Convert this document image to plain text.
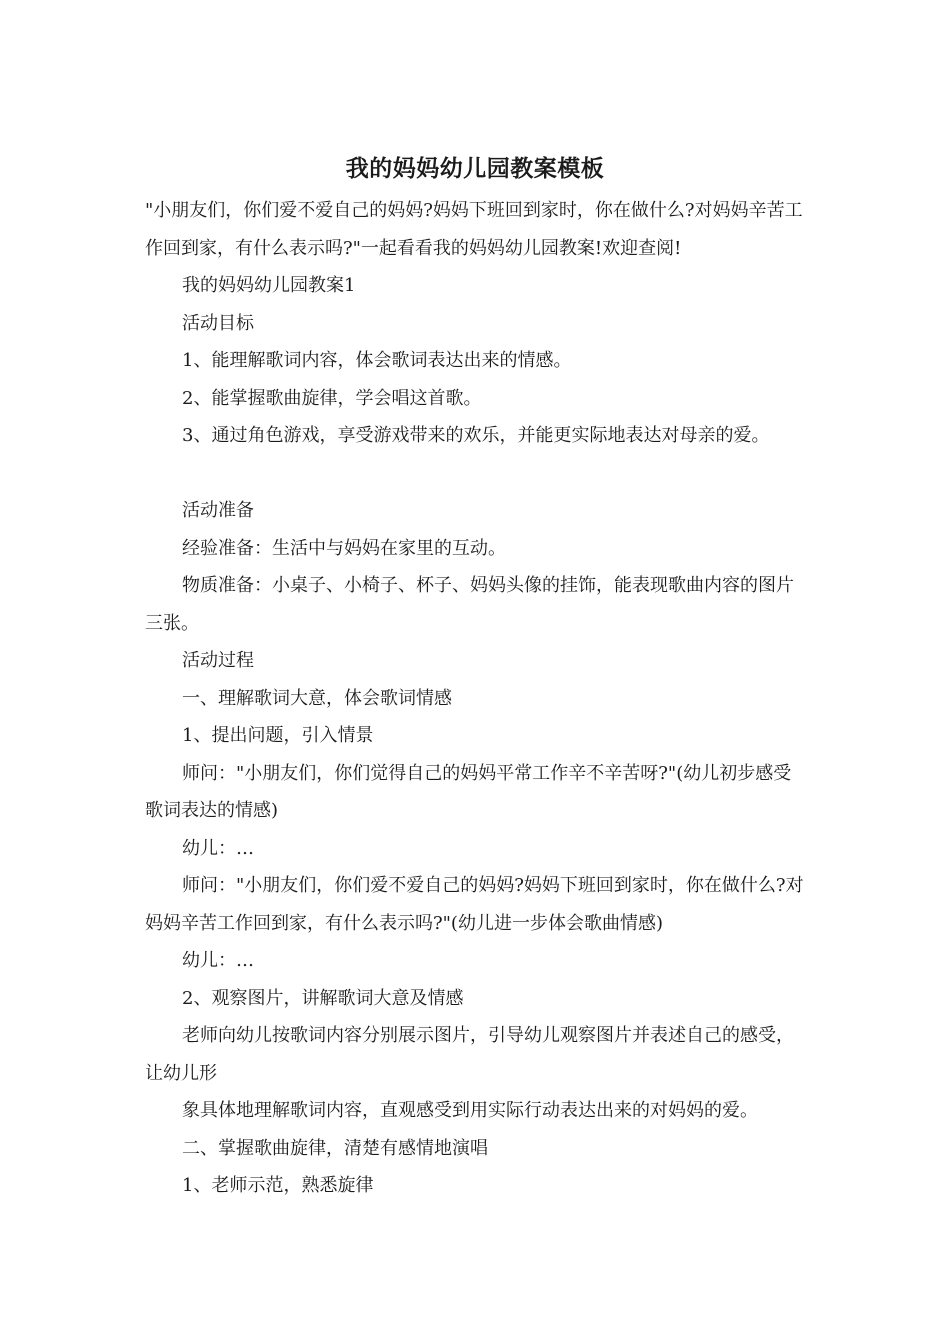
我的妈妈幼儿园教案模板

"小朋友们，你们爱不爱自己的妈妈?妈妈下班回到家时，你在做什么?对妈妈辛苦工作回到家，有什么表示吗?"一起看看我的妈妈幼儿园教案!欢迎查阅!

我的妈妈幼儿园教案1

活动目标

1、能理解歌词内容，体会歌词表达出来的情感。

2、能掌握歌曲旋律，学会唱这首歌。

3、通过角色游戏，享受游戏带来的欢乐，并能更实际地表达对母亲的爱。

活动准备

经验准备：生活中与妈妈在家里的互动。

物质准备：小桌子、小椅子、杯子、妈妈头像的挂饰，能表现歌曲内容的图片三张。

活动过程

一、理解歌词大意，体会歌词情感

1、提出问题，引入情景

师问："小朋友们，你们觉得自己的妈妈平常工作辛不辛苦呀?"(幼儿初步感受歌词表达的情感)

幼儿：…

师问："小朋友们，你们爱不爱自己的妈妈?妈妈下班回到家时，你在做什么?对妈妈辛苦工作回到家，有什么表示吗?"(幼儿进一步体会歌曲情感)

幼儿：…

2、观察图片，讲解歌词大意及情感

老师向幼儿按歌词内容分别展示图片，引导幼儿观察图片并表述自己的感受，让幼儿形

象具体地理解歌词内容，直观感受到用实际行动表达出来的对妈妈的爱。

二、掌握歌曲旋律，清楚有感情地演唱

1、老师示范，熟悉旋律
